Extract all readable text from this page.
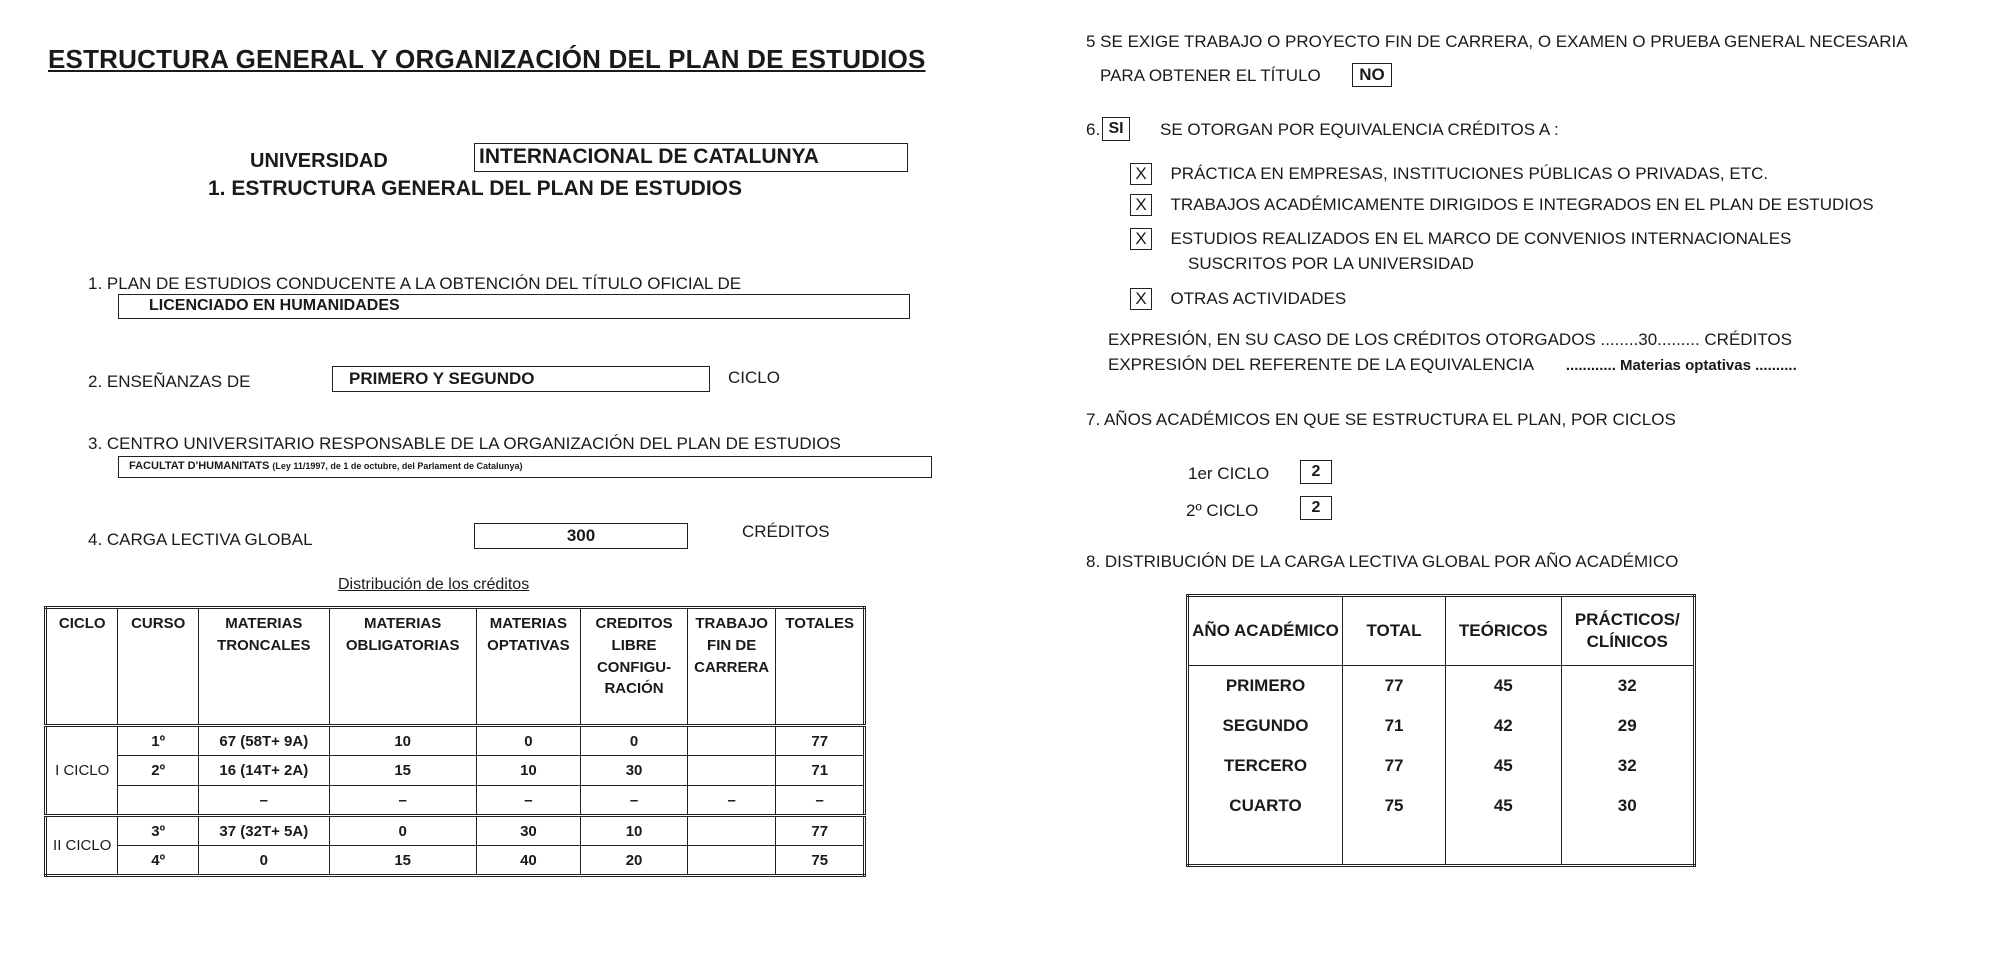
ESTRUCTURA GENERAL Y ORGANIZACIÓN DEL PLAN DE ESTUDIOS
UNIVERSIDAD	INTERNACIONAL DE CATALUNYA
1. ESTRUCTURA GENERAL DEL PLAN DE ESTUDIOS
1. PLAN DE ESTUDIOS CONDUCENTE A LA OBTENCIÓN DEL TÍTULO OFICIAL DE
LICENCIADO EN HUMANIDADES
2. ENSEÑANZAS DE	PRIMERO Y SEGUNDO	CICLO
3. CENTRO UNIVERSITARIO RESPONSABLE DE LA ORGANIZACIÓN DEL PLAN DE ESTUDIOS
FACULTAT D'HUMANITATS (Ley 11/1997, de 1 de octubre, del Parlament de Catalunya)
4. CARGA LECTIVA GLOBAL	300	CRÉDITOS
Distribución de los créditos
CICLO	CURSO	MATERIAS TRONCALES	MATERIAS OBLIGATORIAS	MATERIAS OPTATIVAS	CREDITOS LIBRE CONFIGU- RACIÓN	TRABAJO FIN DE CARRERA	TOTALES
I CICLO	1º	67 (58T+ 9A)	10	0	0		77
	2º	16 (14T+ 2A)	15	10	30		71
		–	–	–	–	–	–
II CICLO	3º	37 (32T+ 5A)	0	30	10		77
	4º	0	15	40	20		75
5 SE EXIGE TRABAJO O PROYECTO FIN DE CARRERA, O EXAMEN O PRUEBA GENERAL NECESARIA
PARA OBTENER EL TÍTULO	NO
6. SI	SE OTORGAN POR EQUIVALENCIA CRÉDITOS A :
X PRÁCTICA EN EMPRESAS, INSTITUCIONES PÚBLICAS O PRIVADAS, ETC.
X TRABAJOS ACADÉMICAMENTE DIRIGIDOS E INTEGRADOS EN EL PLAN DE ESTUDIOS
X ESTUDIOS REALIZADOS EN EL MARCO DE CONVENIOS INTERNACIONALES
SUSCRITOS POR LA UNIVERSIDAD
X OTRAS ACTIVIDADES
EXPRESIÓN, EN SU CASO DE LOS CRÉDITOS OTORGADOS ........30......... CRÉDITOS
EXPRESIÓN DEL REFERENTE DE LA EQUIVALENCIA ............ Materias optativas ..........
7. AÑOS ACADÉMICOS EN QUE SE ESTRUCTURA EL PLAN, POR CICLOS
1er CICLO	2
2º CICLO	2
8. DISTRIBUCIÓN DE LA CARGA LECTIVA GLOBAL POR AÑO ACADÉMICO
AÑO ACADÉMICO	TOTAL	TEÓRICOS	PRÁCTICOS/ CLÍNICOS
PRIMERO	77	45	32
SEGUNDO	71	42	29
TERCERO	77	45	32
CUARTO	75	45	30
